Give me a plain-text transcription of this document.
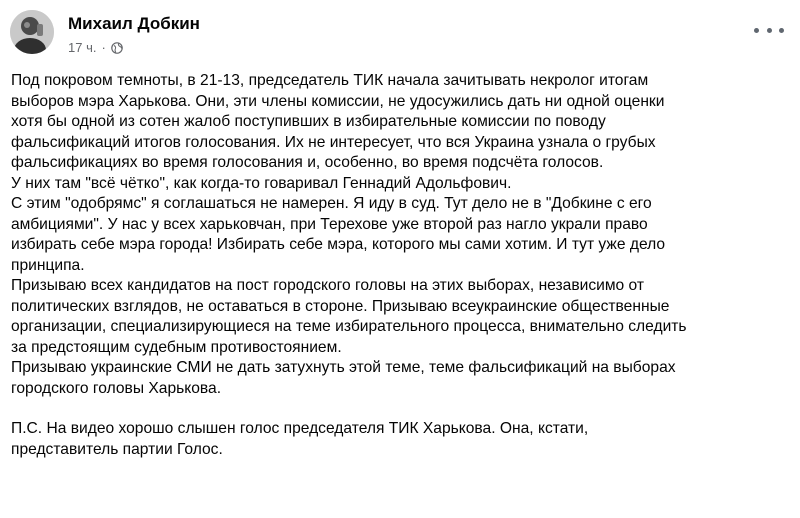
Михаил Добкин
17 ч. ·

Под покровом темноты, в 21-13, председатель ТИК начала зачитывать некролог итогам

выборов мэра Харькова. Они, эти члены комиссии, не удосужились дать ни одной оценки

хотя бы одной из сотен жалоб поступивших в избирательные комиссии по поводу

фальсификаций итогов голосования. Их не интересует, что вся Украина узнала о грубых

фальсификациях во время голосования и, особенно, во время подсчёта голосов.

У них там "всё чётко", как когда-то говаривал Геннадий Адольфович.

С этим "одобрямс" я соглашаться не намерен. Я иду в суд. Тут дело не в "Добкине с его

амбициями". У нас у всех харьковчан, при Терехове уже второй раз нагло украли право

избирать себе мэра города! Избирать себе мэра, которого мы сами хотим. И тут уже дело

принципа.

Призываю всех кандидатов на пост городского головы на этих выборах, независимо от

политических взглядов, не оставаться в стороне. Призываю всеукраинские общественные

организации, специализирующиеся на теме избирательного процесса, внимательно следить

за предстоящим судебным противостоянием.

Призываю украинские СМИ не дать затухнуть этой теме, теме фальсификаций на выборах

городского головы Харькова.

П.С. На видео хорошо слышен голос председателя ТИК Харькова. Она, кстати,

представитель партии Голос.
